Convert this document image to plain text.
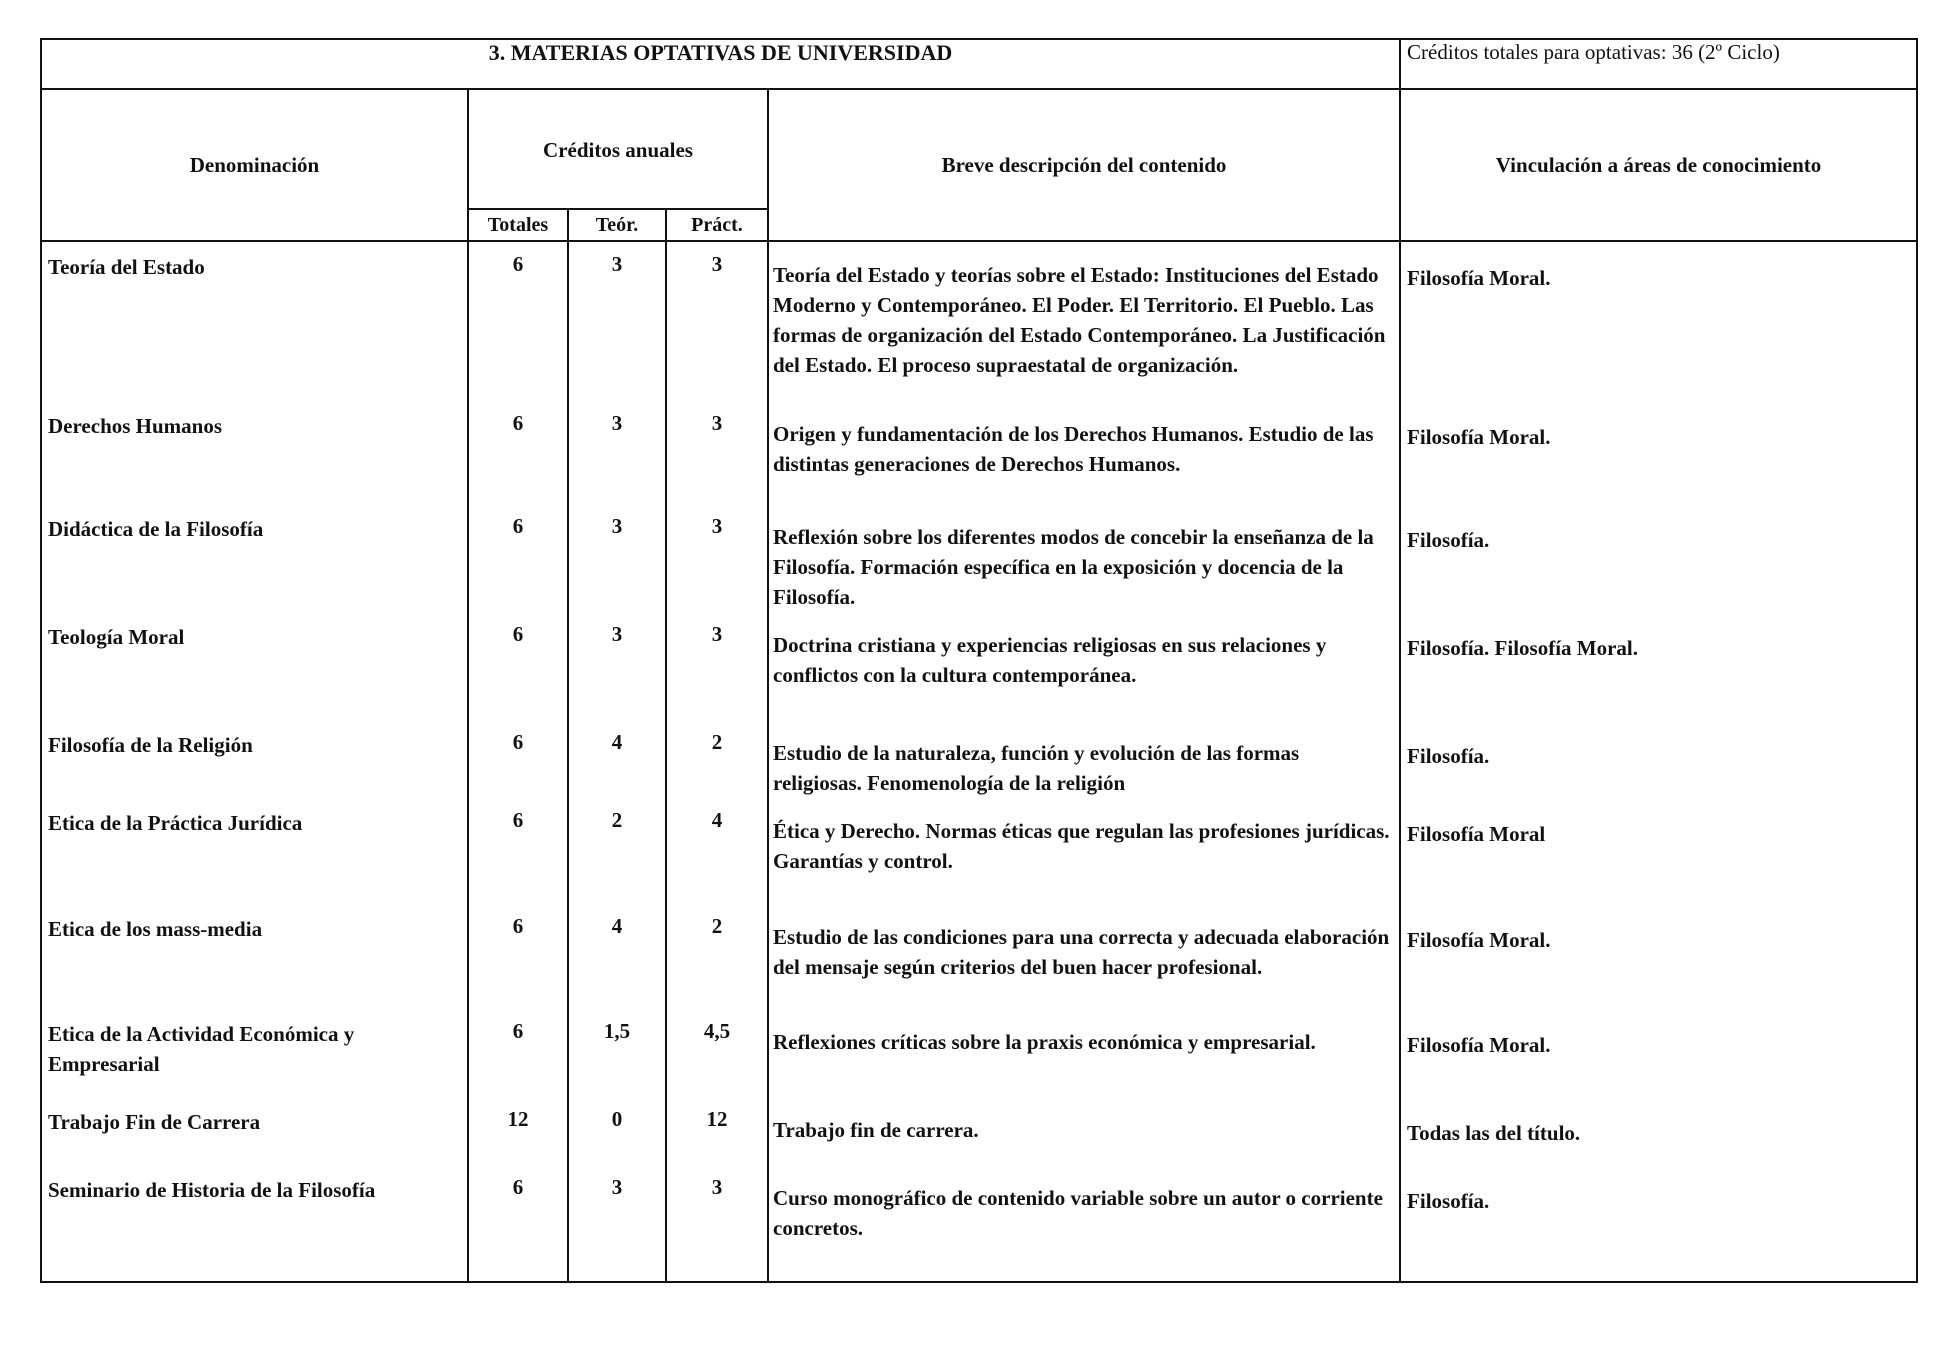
3. MATERIAS OPTATIVAS DE UNIVERSIDAD					Créditos totales para optativas: 36 (2º Ciclo)
Denominación	Créditos anuales
Totales Teór. Práct.			Breve descripción del contenido	Vinculación a áreas de conocimiento
Teoría del Estado	6	3	3	Teoría del Estado y teorías sobre el Estado: Instituciones del Estado Moderno y Contemporáneo. El Poder. El Territorio. El Pueblo. Las formas de organización del Estado Contemporáneo. La Justificación del Estado. El proceso supraestatal de organización.	Filosofía Moral.
Derechos Humanos	6	3	3	Origen y fundamentación de los Derechos Humanos. Estudio de las distintas generaciones de Derechos Humanos.	Filosofía Moral.
Didáctica de la Filosofía	6	3	3	Reflexión sobre los diferentes modos de concebir la enseñanza de la Filosofía. Formación específica en la exposición y docencia de la Filosofía.	Filosofía.
Teología Moral	6	3	3	Doctrina cristiana y experiencias religiosas en sus relaciones y conflictos con la cultura contemporánea.	Filosofía. Filosofía Moral.
Filosofía de la Religión	6	4	2	Estudio de la naturaleza, función y evolución de las formas religiosas. Fenomenología de la religión	Filosofía.
Etica de la Práctica Jurídica	6	2	4	Ética y Derecho. Normas éticas que regulan las profesiones jurídicas. Garantías y control.	Filosofía Moral
Etica de los mass-media	6	4	2	Estudio de las condiciones para una correcta y adecuada elaboración del mensaje según criterios del buen hacer profesional.	Filosofía Moral.
Etica de la Actividad Económica y Empresarial	6	1,5	4,5	Reflexiones críticas sobre la praxis económica y empresarial.	Filosofía Moral.
Trabajo Fin de Carrera	12	0	12	Trabajo fin de carrera.	Todas las del título.
Seminario de Historia de la Filosofía	6	3	3	Curso monográfico de contenido variable sobre un autor o corriente concretos.	Filosofía.
